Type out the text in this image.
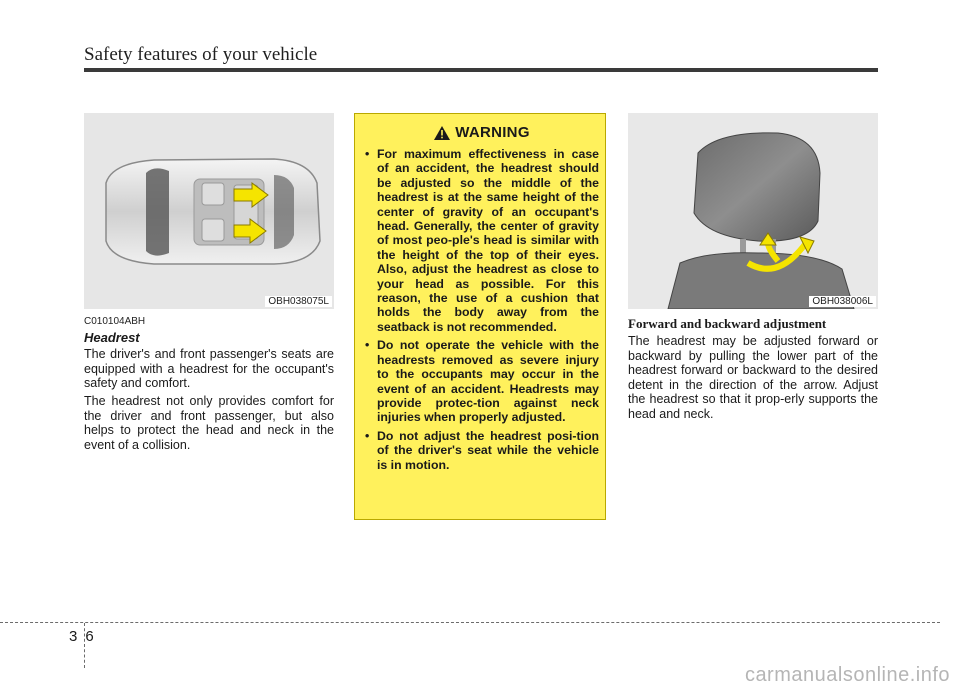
Safety features of your vehicle
OBH038075L
C010104ABH
Headrest

The driver's and front passenger's seats are equipped with a headrest for the occupant's safety and comfort.

The headrest not only provides comfort for the driver and front passenger, but also helps to protect the head and neck in the event of a collision.

WARNING
• For maximum effectiveness in case of an accident, the headrest should be adjusted so the middle of the headrest is at the same height of the center of gravity of an occupant's head. Generally, the center of gravity of most peo-ple's head is similar with the height of the top of their eyes. Also, adjust the headrest as close to your head as possible. For this reason, the use of a cushion that holds the body away from the seatback is not recommended.
• Do not operate the vehicle with the headrests removed as severe injury to the occupants may occur in the event of an accident. Headrests may provide protec-tion against neck injuries when properly adjusted.
• Do not adjust the headrest posi-tion of the driver's seat while the vehicle is in motion.
OBH038006L
Forward and backward adjustment

The headrest may be adjusted forward or backward by pulling the lower part of the headrest forward or backward to the desired detent in the direction of the arrow. Adjust the headrest so that it prop-erly supports the head and neck.

36
carmanualsonline.info
